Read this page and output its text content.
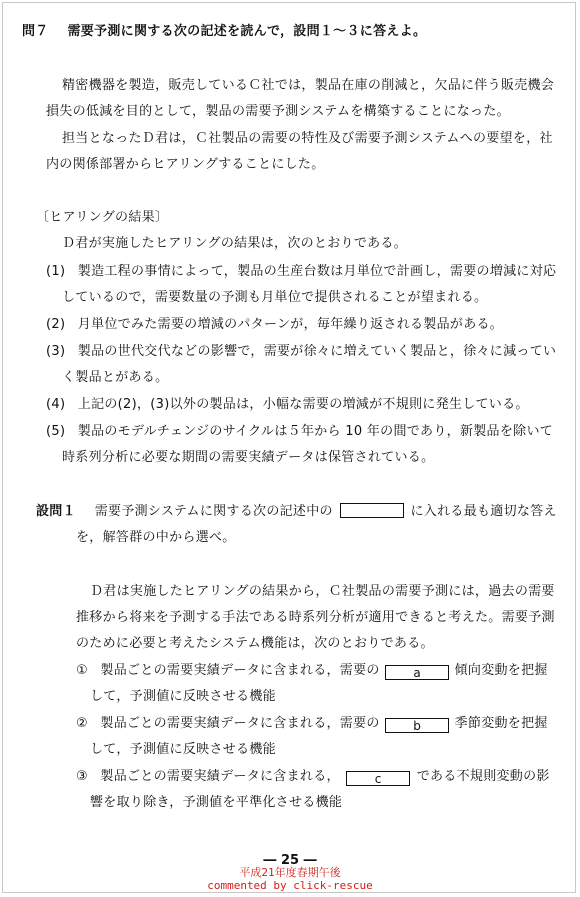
問７ 需要予測に関する次の記述を読んで，設問１～３に答えよ。
精密機器を製造，販売しているＣ社では，製品在庫の削減と，欠品に伴う販売機会
損失の低減を目的として，製品の需要予測システムを構築することになった。
担当となったＤ君は，Ｃ社製品の需要の特性及び需要予測システムへの要望を，社
内の関係部署からヒアリングすることにした。
〔ヒアリングの結果〕
Ｄ君が実施したヒアリングの結果は，次のとおりである。
(1) 製造工程の事情によって，製品の生産台数は月単位で計画し，需要の増減に対応
しているので，需要数量の予測も月単位で提供されることが望まれる。
(2) 月単位でみた需要の増減のパターンが，毎年繰り返される製品がある。
(3) 製品の世代交代などの影響で，需要が徐々に増えていく製品と，徐々に減ってい
く製品とがある。
(4) 上記の(2)，(3)以外の製品は，小幅な需要の増減が不規則に発生している。
(5) 製品のモデルチェンジのサイクルは５年から 10 年の間であり，新製品を除いて
時系列分析に必要な期間の需要実績データは保管されている。
設問１ 需要予測システムに関する次の記述中の	に入れる最も適切な答え
を，解答群の中から選べ。
Ｄ君は実施したヒアリングの結果から，Ｃ社製品の需要予測には，過去の需要
推移から将来を予測する手法である時系列分析が適用できると考えた。需要予測
のために必要と考えたシステム機能は，次のとおりである。
① 製品ごとの需要実績データに含まれる，需要の	a	傾向変動を把握
して，予測値に反映させる機能
② 製品ごとの需要実績データに含まれる，需要の	b	季節変動を把握
して，予測値に反映させる機能
③ 製品ごとの需要実績データに含まれる，	c	である不規則変動の影
響を取り除き，予測値を平準化させる機能
― 25 ―
平成21年度春期午後
commented by click-rescue
